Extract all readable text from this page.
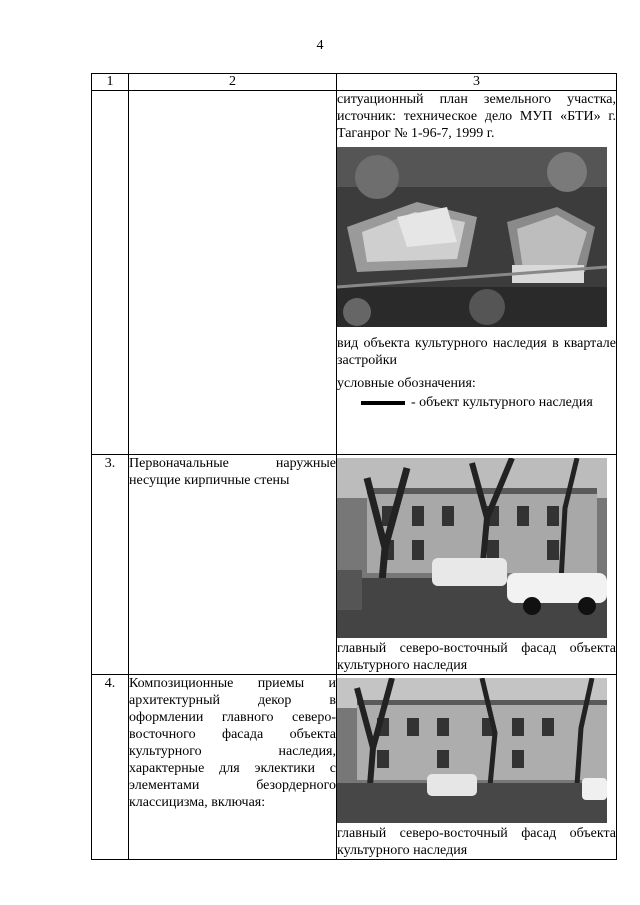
4
1	2	3

		ситуационный план земельного участка, источник: техническое дело МУП «БТИ» г. Таганрог № 1-96-7, 1999 г.
вид объекта культурного наследия в квартале застройки
условные обозначения:
- объект культурного наследия

3.	Первоначальные наружные несущие кирпичные стены	главный северо-восточный фасад объекта культурного наследия

4.	Композиционные приемы и архитектурный декор в оформлении главного северо-восточного фасада объекта культурного наследия, характерные для эклектики с элементами безордерного классицизма, включая:	главный северо-восточный фасад объекта культурного наследия
